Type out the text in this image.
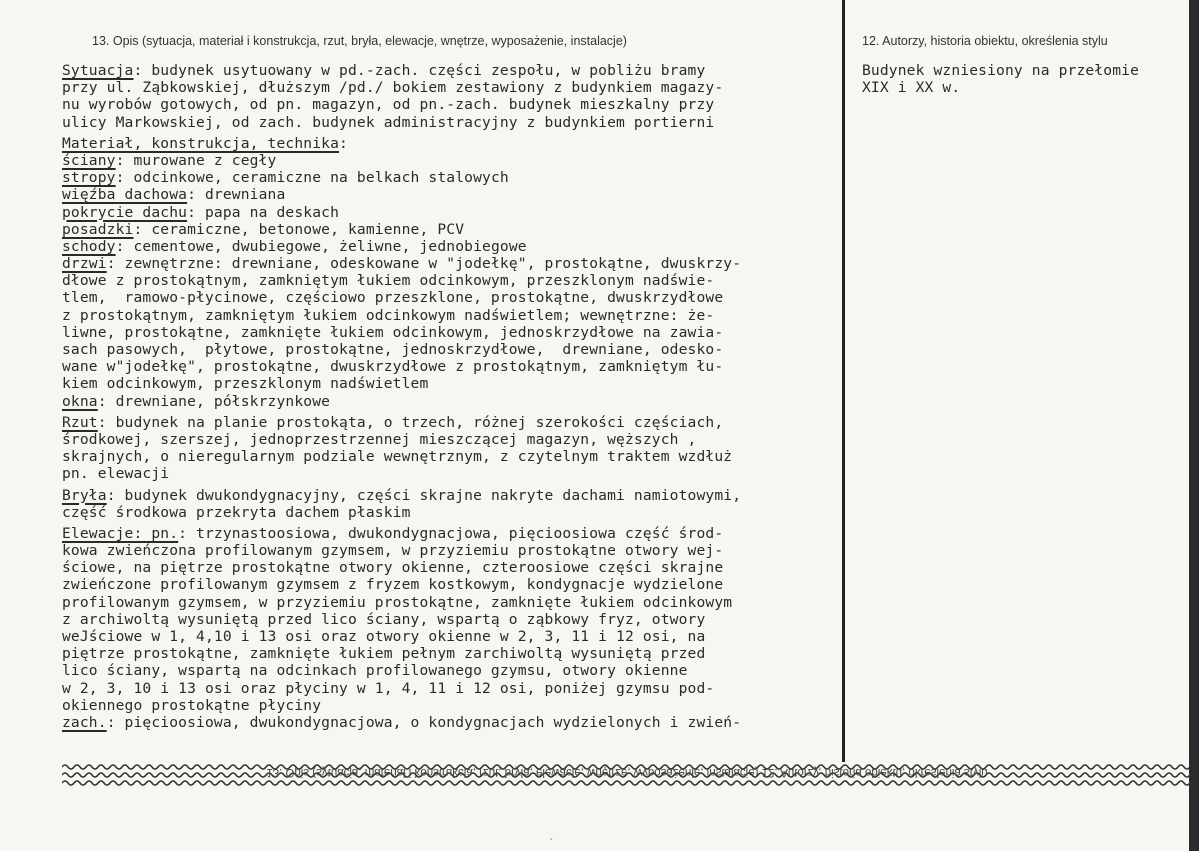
13. Opis (sytuacja, materiał i konstrukcja, rzut, bryła, elewacje, wnętrze, wyposażenie, instalacje)	12. Autorzy, historia obiektu, określenia stylu
Sytuacja: budynek usytuowany w pd.-zach. części zespołu, w pobliżu bramy
przy ul. Ząbkowskiej, dłuższym /pd./ bokiem zestawiony z budynkiem magazy-
nu wyrobów gotowych, od pn. magazyn, od pn.-zach. budynek mieszkalny przy
ulicy Markowskiej, od zach. budynek administracyjny z budynkiem portierni
Materiał, konstrukcja, technika:
ściany: murowane z cegły
stropy: odcinkowe, ceramiczne na belkach stalowych
więźba dachowa: drewniana
pokrycie dachu: papa na deskach
posadzki: ceramiczne, betonowe, kamienne, PCV
schody: cementowe, dwubiegowe, żeliwne, jednobiegowe
drzwi: zewnętrzne: drewniane, odeskowane w "jodełkę", prostokątne, dwuskrzy-
dłowe z prostokątnym, zamkniętym łukiem odcinkowym, przeszklonym nadświe-
tlem,  ramowo-płycinowe, częściowo przeszklone, prostokątne, dwuskrzydłowe
z prostokątnym, zamkniętym łukiem odcinkowym nadświetlem; wewnętrzne: że-
liwne, prostokątne, zamknięte łukiem odcinkowym, jednoskrzydłowe na zawia-
sach pasowych,  płytowe, prostokątne, jednoskrzydłowe,  drewniane, odesko-
wane w"jodełkę", prostokątne, dwuskrzydłowe z prostokątnym, zamkniętym łu-
kiem odcinkowym, przeszklonym nadświetlem
okna: drewniane, półskrzynkowe
Rzut: budynek na planie prostokąta, o trzech, różnej szerokości częściach,
środkowej, szerszej, jednoprzestrzennej mieszczącej magazyn, węższych ,
skrajnych, o nieregularnym podziale wewnętrznym, z czytelnym traktem wzdłuż
pn. elewacji
Bryła: budynek dwukondygnacyjny, części skrajne nakryte dachami namiotowymi,
część środkowa przekryta dachem płaskim
Elewacje: pn.: trzynastoosiowa, dwukondygnacjowa, pięcioosiowa część środ-
kowa zwieńczona profilowanym gzymsem, w przyziemiu prostokątne otwory wej-
ściowe, na piętrze prostokątne otwory okienne, czteroosiowe części skrajne
zwieńczone profilowanym gzymsem z fryzem kostkowym, kondygnacje wydzielone
profilowanym gzymsem, w przyziemiu prostokątne, zamknięte łukiem odcinkowym
z archiwoltą wysuniętą przed lico ściany, wspartą o ząbkowy fryz, otwory
weJściowe w 1, 4,10 i 13 osi oraz otwory okienne w 2, 3, 11 i 12 osi, na
piętrze prostokątne, zamknięte łukiem pełnym zarchiwoltą wysuniętą przed
lico ściany, wspartą na odcinkach profilowanego gzymsu, otwory okienne
w 2, 3, 10 i 13 osi oraz płyciny w 1, 4, 11 i 12 osi, poniżej gzymsu pod-
okiennego prostokątne płyciny
zach.: pięcioosiowa, dwukondygnacjowa, o kondygnacjach wydzielonych i zwień-
Budynek wzniesiony na przełomie
XIX i XX w.
13. Opis (sytuacja, materiał i konstrukcja, rzut, bryła, elewacje, wnętrze, wyposażenie, instalacje) 12. Autorzy, historia obiektu, określenia stylu
´
